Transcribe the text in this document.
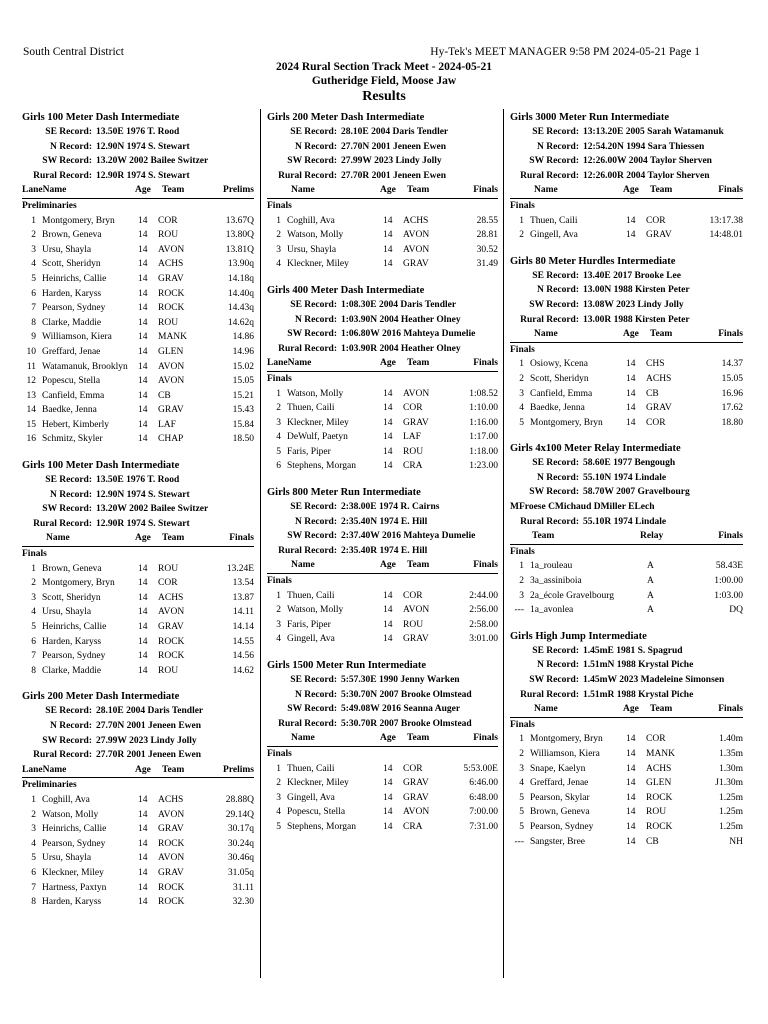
South Central District	Hy-Tek's MEET MANAGER 9:58 PM 2024-05-21 Page 1
2024 Rural Section Track Meet - 2024-05-21
Gutheridge Field, Moose Jaw
Results
Girls 100 Meter Dash Intermediate
SE Record: 13.50E 1976 T. Rood
N Record: 12.90N 1974 S. Stewart
SW Record: 13.20W 2002 Bailee Switzer
Rural Record: 12.90R 1974 S. Stewart
LaneName	Age Team	Prelims
Preliminaries
1 Montgomery, Bryn 14 COR	13.67Q
2 Brown, Geneva	14 ROU	13.80Q
3 Ursu, Shayla	14 AVON	13.81Q
4 Scott, Sheridyn	14 ACHS	13.90q
5 Heinrichs, Callie	14 GRAV	14.18q
6 Harden, Karyss	14 ROCK	14.40q
7 Pearson, Sydney	14 ROCK	14.43q
8 Clarke, Maddie	14 ROU	14.62q
9 Williamson, Kiera	14 MANK	14.86
10 Greffard, Jenae	14 GLEN	14.96
11 Watamanuk, Brooklyn 14 AVON	15.02
12 Popescu, Stella	14 AVON	15.05
13 Canfield, Emma	14 CB	15.21
14 Baedke, Jenna	14 GRAV	15.43
15 Hebert, Kimberly	14 LAF	15.84
16 Schmitz, Skyler	14 CHAP	18.50
Girls 100 Meter Dash Intermediate
SE Record: 13.50E 1976 T. Rood
N Record: 12.90N 1974 S. Stewart
SW Record: 13.20W 2002 Bailee Switzer
Rural Record: 12.90R 1974 S. Stewart
Name	Age Team	Finals
Finals
1 Brown, Geneva	14 ROU	13.24E
2 Montgomery, Bryn 14 COR	13.54
3 Scott, Sheridyn	14 ACHS	13.87
4 Ursu, Shayla	14 AVON	14.11
5 Heinrichs, Callie	14 GRAV	14.14
6 Harden, Karyss	14 ROCK	14.55
7 Pearson, Sydney	14 ROCK	14.56
8 Clarke, Maddie	14 ROU	14.62
Girls 200 Meter Dash Intermediate
SE Record: 28.10E 2004 Daris Tendler
N Record: 27.70N 2001 Jeneen Ewen
SW Record: 27.99W 2023 Lindy Jolly
Rural Record: 27.70R 2001 Jeneen Ewen
LaneName	Age Team	Prelims
Preliminaries
1 Coghill, Ava	14 ACHS	28.88Q
2 Watson, Molly	14 AVON	29.14Q
3 Heinrichs, Callie	14 GRAV	30.17q
4 Pearson, Sydney	14 ROCK	30.24q
5 Ursu, Shayla	14 AVON	30.46q
6 Kleckner, Miley	14 GRAV	31.05q
7 Hartness, Paxtyn	14 ROCK	31.11
8 Harden, Karyss	14 ROCK	32.30
Girls 200 Meter Dash Intermediate
SE Record: 28.10E 2004 Daris Tendler
N Record: 27.70N 2001 Jeneen Ewen
SW Record: 27.99W 2023 Lindy Jolly
Rural Record: 27.70R 2001 Jeneen Ewen
Name	Age Team	Finals
Finals
1 Coghill, Ava	14 ACHS	28.55
2 Watson, Molly	14 AVON	28.81
3 Ursu, Shayla	14 AVON	30.52
4 Kleckner, Miley	14 GRAV	31.49
Girls 400 Meter Dash Intermediate
SE Record: 1:08.30E 2004 Daris Tendler
N Record: 1:03.90N 2004 Heather Olney
SW Record: 1:06.80W 2016 Mahteya Dumelie
Rural Record: 1:03.90R 2004 Heather Olney
LaneName	Age Team	Finals
Finals
1 Watson, Molly	14 AVON	1:08.52
2 Thuen, Caili	14 COR	1:10.00
3 Kleckner, Miley	14 GRAV	1:16.00
4 DeWulf, Paetyn	14 LAF	1:17.00
5 Faris, Piper	14 ROU	1:18.00
6 Stephens, Morgan	14 CRA	1:23.00
Girls 800 Meter Run Intermediate
SE Record: 2:38.00E 1974 R. Cairns
N Record: 2:35.40N 1974 E. Hill
SW Record: 2:37.40W 2016 Mahteya Dumelie
Rural Record: 2:35.40R 1974 E. Hill
Name	Age Team	Finals
Finals
1 Thuen, Caili	14 COR	2:44.00
2 Watson, Molly	14 AVON	2:56.00
3 Faris, Piper	14 ROU	2:58.00
4 Gingell, Ava	14 GRAV	3:01.00
Girls 1500 Meter Run Intermediate
SE Record: 5:57.30E 1990 Jenny Warken
N Record: 5:30.70N 2007 Brooke Olmstead
SW Record: 5:49.08W 2016 Seanna Auger
Rural Record: 5:30.70R 2007 Brooke Olmstead
Name	Age Team	Finals
Finals
1 Thuen, Caili	14 COR	5:53.00E
2 Kleckner, Miley	14 GRAV	6:46.00
3 Gingell, Ava	14 GRAV	6:48.00
4 Popescu, Stella	14 AVON	7:00.00
5 Stephens, Morgan	14 CRA	7:31.00
Girls 3000 Meter Run Intermediate
SE Record: 13:13.20E 2005 Sarah Watamanuk
N Record: 12:54.20N 1994 Sara Thiessen
SW Record: 12:26.00W 2004 Taylor Sherven
Rural Record: 12:26.00R 2004 Taylor Sherven
Name	Age Team	Finals
Finals
1 Thuen, Caili	14 COR	13:17.38
2 Gingell, Ava	14 GRAV	14:48.01
Girls 80 Meter Hurdles Intermediate
SE Record: 13.40E 2017 Brooke Lee
N Record: 13.00N 1988 Kirsten Peter
SW Record: 13.08W 2023 Lindy Jolly
Rural Record: 13.00R 1988 Kirsten Peter
Name	Age Team	Finals
Finals
1 Osiowy, Kcena	14 CHS	14.37
2 Scott, Sheridyn	14 ACHS	15.05
3 Canfield, Emma	14 CB	16.96
4 Baedke, Jenna	14 GRAV	17.62
5 Montgomery, Bryn 14 COR	18.80
Girls 4x100 Meter Relay Intermediate
SE Record: 58.60E 1977 Bengough
N Record: 55.10N 1974 Lindale
SW Record: 58.70W 2007 Gravelbourg
MFroese CMichaud DMiller ELech
Rural Record: 55.10R 1974 Lindale
Team	Relay	Finals
Finals
1 1a_rouleau	A	58.43E
2 3a_assiniboia	A	1:00.00
3 2a_école Gravelbourg	A	1:03.00
--- 1a_avonlea	A	DQ
Girls High Jump Intermediate
SE Record: 1.45mE 1981 S. Spagrud
N Record: 1.51mN 1988 Krystal Piche
SW Record: 1.45mW 2023 Madeleine Simonsen
Rural Record: 1.51mR 1988 Krystal Piche
Name	Age Team	Finals
Finals
1 Montgomery, Bryn 14 COR	1.40m
2 Williamson, Kiera	14 MANK	1.35m
3 Snape, Kaelyn	14 ACHS	1.30m
4 Greffard, Jenae	14 GLEN	J1.30m
5 Pearson, Skylar	14 ROCK	1.25m
5 Brown, Geneva	14 ROU	1.25m
5 Pearson, Sydney	14 ROCK	1.25m
--- Sangster, Bree	14 CB	NH
